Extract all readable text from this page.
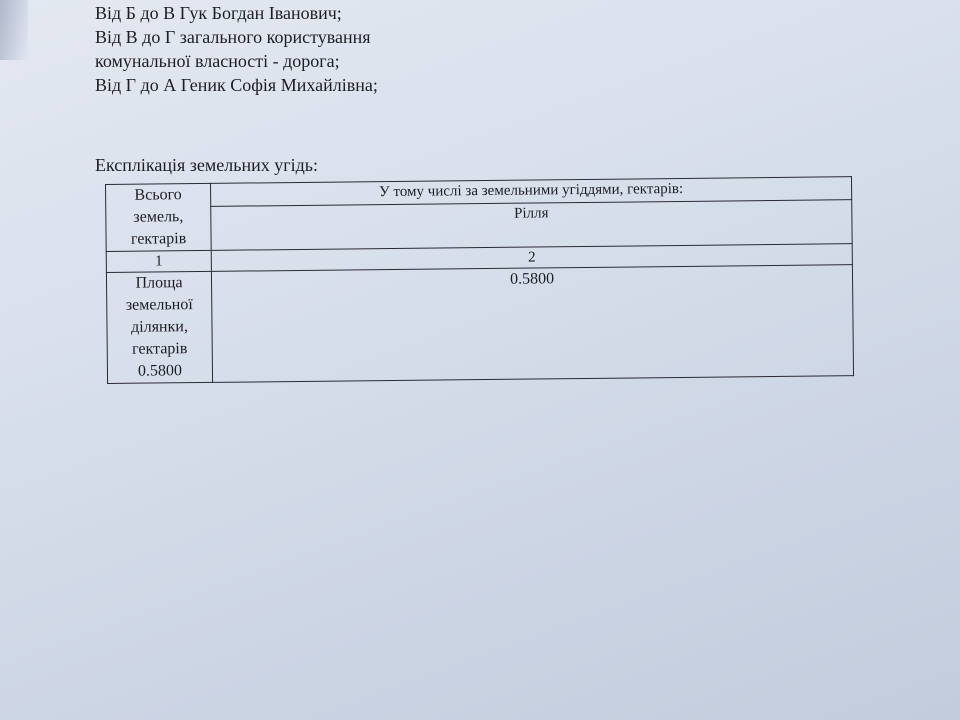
Від Б до В Гук Богдан Іванович;
Від В до Г загального користування
комунальної власності - дорога;
Від Г до А Геник Софія Михайлівна;
Експлікація земельних угідь:
Всього
земель,
гектарів	У тому числі за земельними угіддями, гектарів:
	Рілля
1	2

Площа
земельної
ділянки,
гектарів
0.5800	0.5800
